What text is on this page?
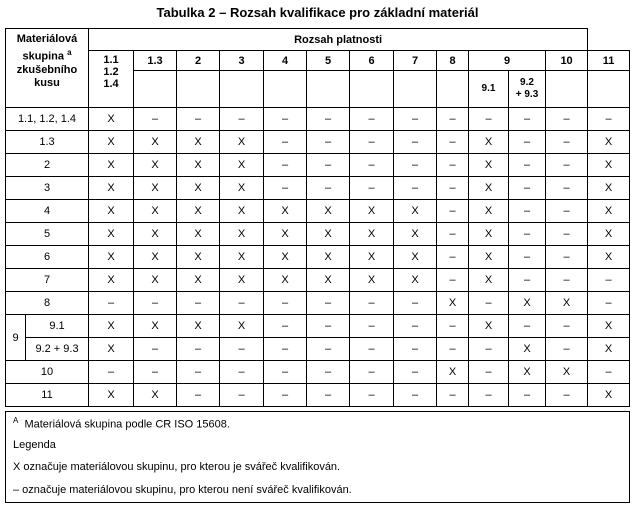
Tabulka 2 – Rozsah kvalifikace pro základní materiál
Materiálová
skupina $^a$
zkušebního
kusu		Rozsah platnosti												
		1.1
1.2
1.4	1.3	2	3	4	5	6	7	8	9		10	11
											9.1	9.2
+ 9.3		
1.1, 1.2, 1.4		X	–	–	–	–	–	–	–	–	–	–	–	–
1.3		X	X	X	X	–	–	–	–	–	X	–	–	X
2		X	X	X	X	–	–	–	–	–	X	–	–	X
3		X	X	X	X	–	–	–	–	–	X	–	–	X
4		X	X	X	X	X	X	X	X	–	X	–	–	X
5		X	X	X	X	X	X	X	X	–	X	–	–	X
6		X	X	X	X	X	X	X	X	–	X	–	–	X
7		X	X	X	X	X	X	X	X	–	X	–	–	–
8		–	–	–	–	–	–	–	–	X	–	X	X	–
9	9.1	X	X	X	X	–	–	–	–	–	X	–	–	X
	9.2 + 9.3	X	–	–	–	–	–	–	–	–	–	X	–	X
10		–	–	–	–	–	–	–	–	X	–	X	X	–
11		X	X	–	–	–	–	–	–	–	–	–	–	X
$^A$ Materiálová skupina podle CR ISO 15608.
Legenda
X označuje materiálovou skupinu, pro kterou je svářeč kvalifikován.
– označuje materiálovou skupinu, pro kterou není svářeč kvalifikován.
